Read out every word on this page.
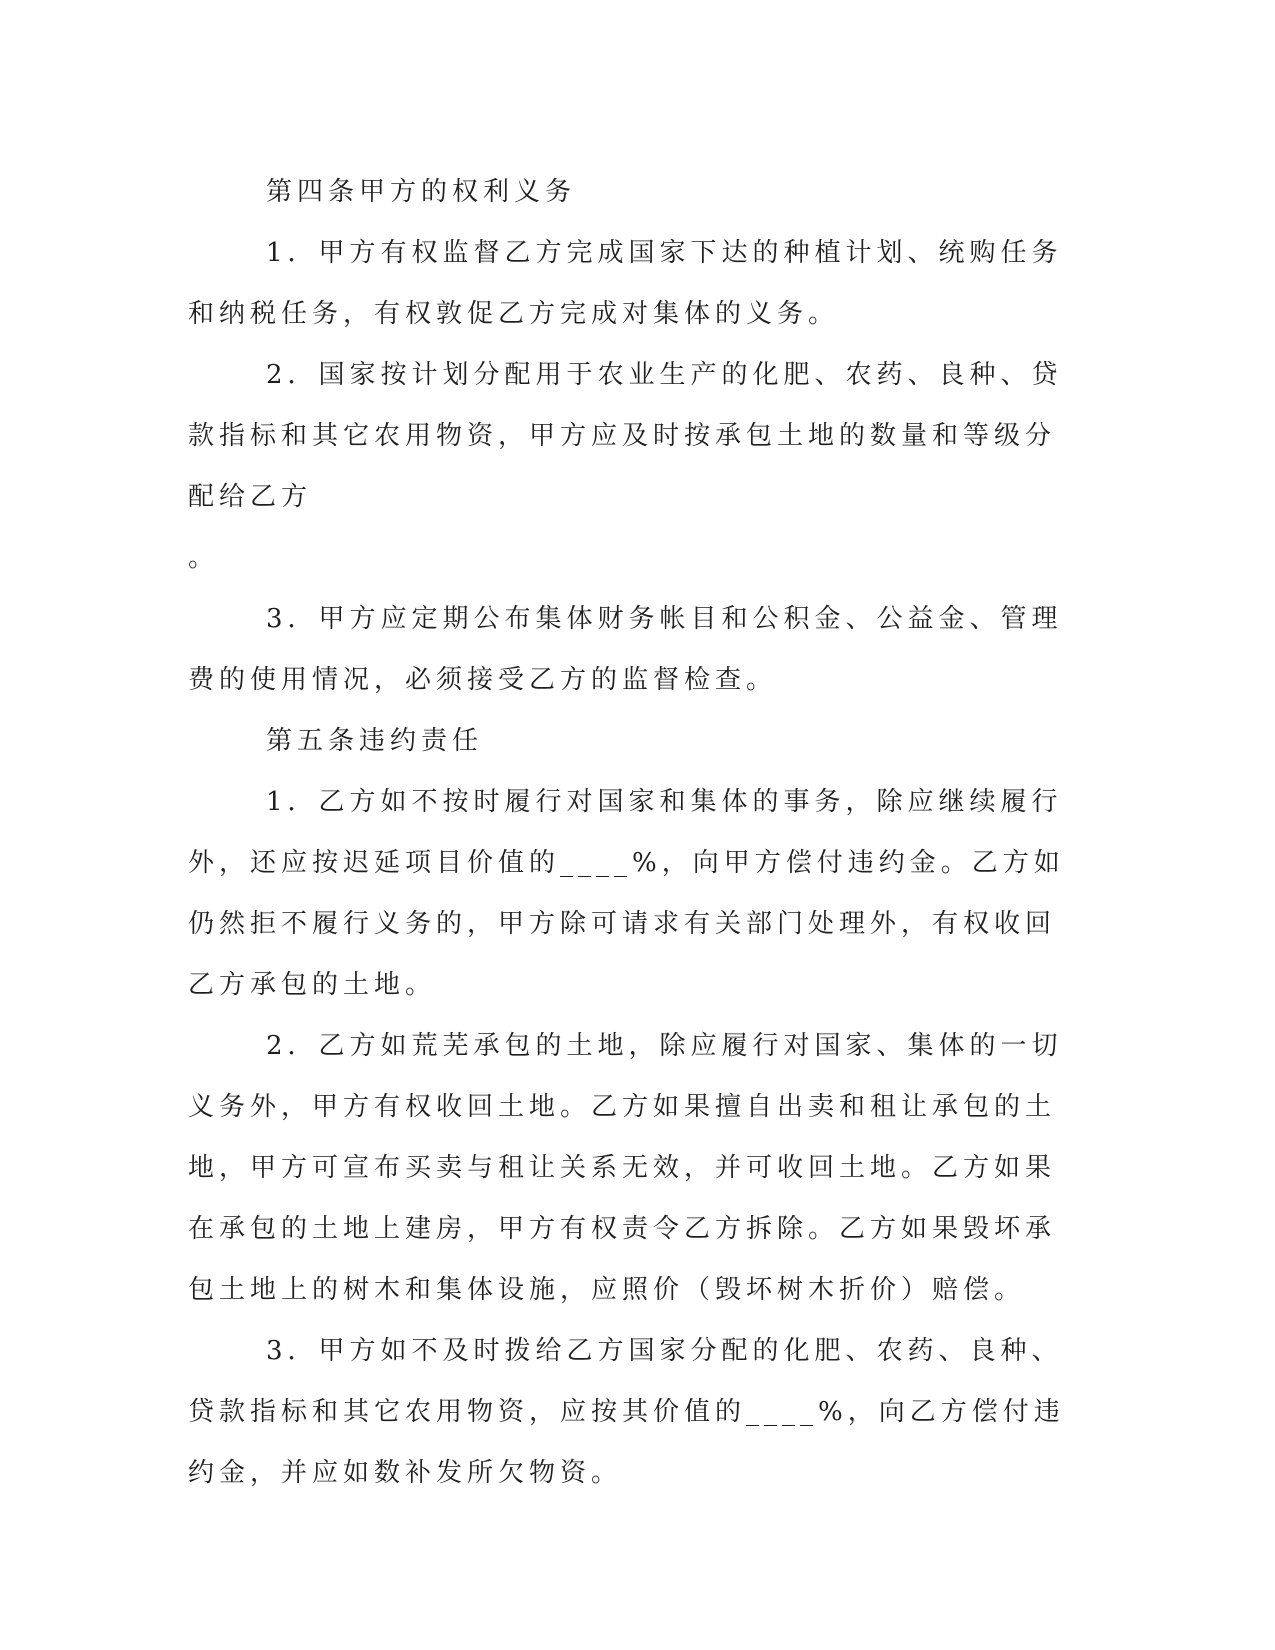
第四条甲方的权利义务

1．甲方有权监督乙方完成国家下达的种植计划、统购任务和纳税任务，有权敦促乙方完成对集体的义务。

2．国家按计划分配用于农业生产的化肥、农药、良种、贷款指标和其它农用物资，甲方应及时按承包土地的数量和等级分配给乙方

。

3．甲方应定期公布集体财务帐目和公积金、公益金、管理费的使用情况，必须接受乙方的监督检查。

第五条违约责任

1．乙方如不按时履行对国家和集体的事务，除应继续履行外，还应按迟延项目价值的____%，向甲方偿付违约金。乙方如仍然拒不履行义务的，甲方除可请求有关部门处理外，有权收回乙方承包的土地。

2．乙方如荒芜承包的土地，除应履行对国家、集体的一切义务外，甲方有权收回土地。乙方如果擅自出卖和租让承包的土地，甲方可宣布买卖与租让关系无效，并可收回土地。乙方如果在承包的土地上建房，甲方有权责令乙方拆除。乙方如果毁坏承包土地上的树木和集体设施，应照价（毁坏树木折价）赔偿。

3．甲方如不及时拨给乙方国家分配的化肥、农药、良种、贷款指标和其它农用物资，应按其价值的____%，向乙方偿付违约金，并应如数补发所欠物资。
